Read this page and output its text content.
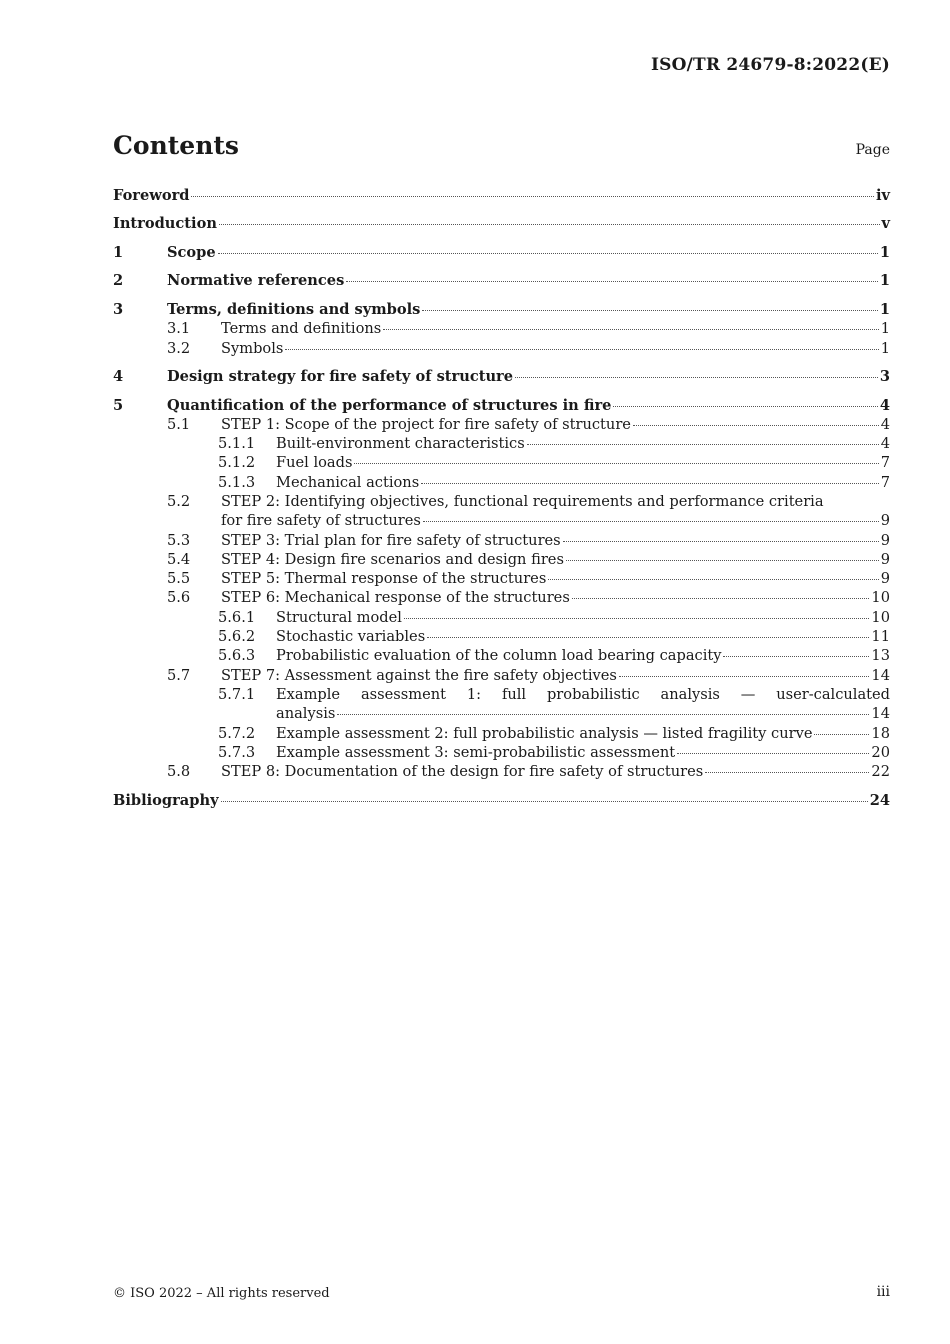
ISO/TR 24679-8:2022(E)
Contents	Page
Foreword	iv
Introduction	v
1	Scope	1
2	Normative references	1
3	Terms, definitions and symbols	1
3.1	Terms and definitions	1
3.2	Symbols	1
4	Design strategy for fire safety of structure	3
5	Quantification of the performance of structures in fire	4
5.1	STEP 1: Scope of the project for fire safety of structure	4
5.1.1	Built-environment characteristics	4
5.1.2	Fuel loads	7
5.1.3	Mechanical actions	7
5.2	STEP 2: Identifying objectives, functional requirements and performance criteria
for fire safety of structures	9
5.3	STEP 3: Trial plan for fire safety of structures	9
5.4	STEP 4: Design fire scenarios and design fires	9
5.5	STEP 5: Thermal response of the structures	9
5.6	STEP 6: Mechanical response of the structures	10
5.6.1	Structural model	10
5.6.2	Stochastic variables	11
5.6.3	Probabilistic evaluation of the column load bearing capacity	13
5.7	STEP 7: Assessment against the fire safety objectives	14
5.7.1	Example assessment 1: full probabilistic analysis — user-calculated
analysis	14
5.7.2	Example assessment 2: full probabilistic analysis — listed fragility curve	18
5.7.3	Example assessment 3: semi-probabilistic assessment	20
5.8	STEP 8: Documentation of the design for fire safety of structures	22
Bibliography	24
© ISO 2022 – All rights reserved	iii
